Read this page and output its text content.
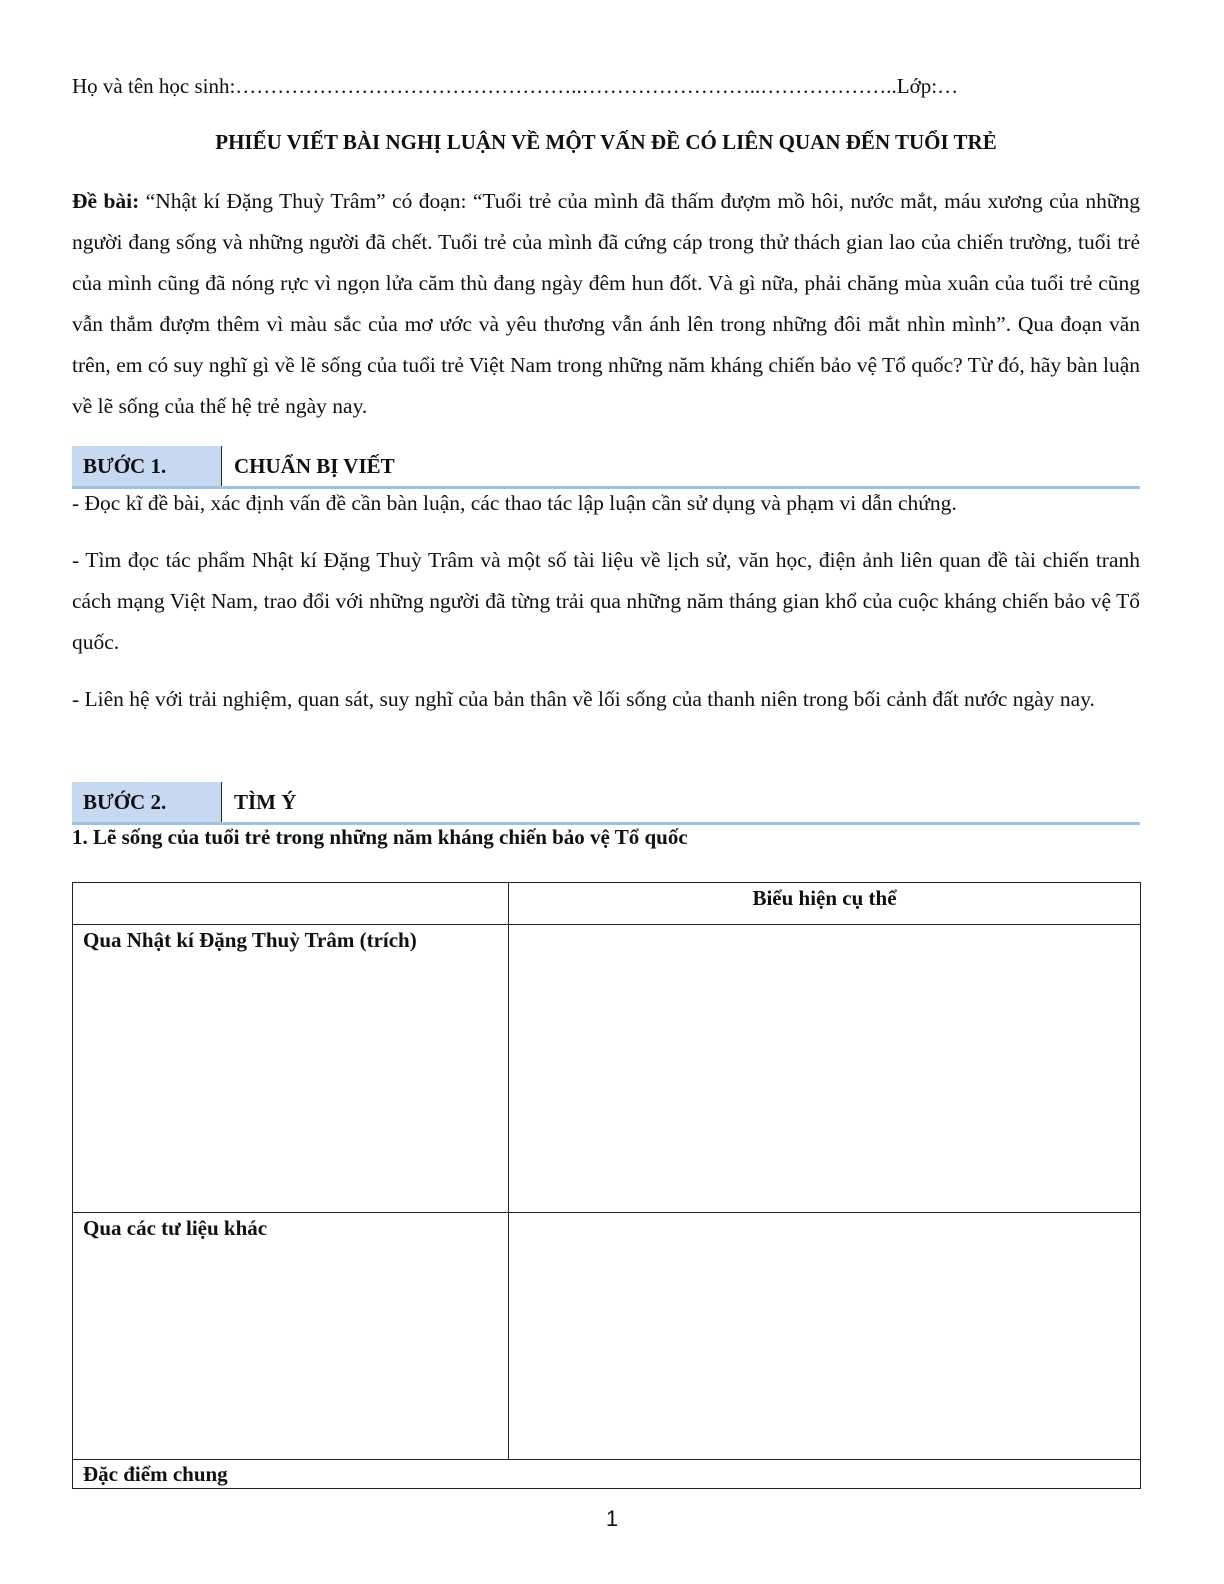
Họ và tên học sinh:…………………………………………..……………………..………………..Lớp:…
PHIẾU VIẾT BÀI NGHỊ LUẬN VỀ MỘT VẤN ĐỀ CÓ LIÊN QUAN ĐẾN TUỔI TRẺ

Đề bài: “Nhật kí Đặng Thuỳ Trâm” có đoạn: “Tuổi trẻ của mình đã thấm đượm mồ hôi, nước mắt, máu xương của những người đang sống và những người đã chết. Tuổi trẻ của mình đã cứng cáp trong thử thách gian lao của chiến trường, tuổi trẻ của mình cũng đã nóng rực vì ngọn lửa căm thù đang ngày đêm hun đốt. Và gì nữa, phải chăng mùa xuân của tuổi trẻ cũng vẫn thắm đượm thêm vì màu sắc của mơ ước và yêu thương vẫn ánh lên trong những đôi mắt nhìn mình”. Qua đoạn văn trên, em có suy nghĩ gì về lẽ sống của tuổi trẻ Việt Nam trong những năm kháng chiến bảo vệ Tổ quốc? Từ đó, hãy bàn luận về lẽ sống của thế hệ trẻ ngày nay.

BƯỚC 1.	CHUẨN BỊ VIẾT

- Đọc kĩ đề bài, xác định vấn đề cần bàn luận, các thao tác lập luận cần sử dụng và phạm vi dẫn chứng.

- Tìm đọc tác phẩm Nhật kí Đặng Thuỳ Trâm và một số tài liệu về lịch sử, văn học, điện ảnh liên quan đề tài chiến tranh cách mạng Việt Nam, trao đổi với những người đã từng trải qua những năm tháng gian khổ của cuộc kháng chiến bảo vệ Tổ quốc.

- Liên hệ với trải nghiệm, quan sát, suy nghĩ của bản thân về lối sống của thanh niên trong bối cảnh đất nước ngày nay.

BƯỚC 2.	TÌM Ý
1. Lẽ sống của tuổi trẻ trong những năm kháng chiến bảo vệ Tổ quốc
	Biểu hiện cụ thể
Qua Nhật kí Đặng Thuỳ Trâm (trích)	
Qua các tư liệu khác	
Đặc điểm chung	
1
